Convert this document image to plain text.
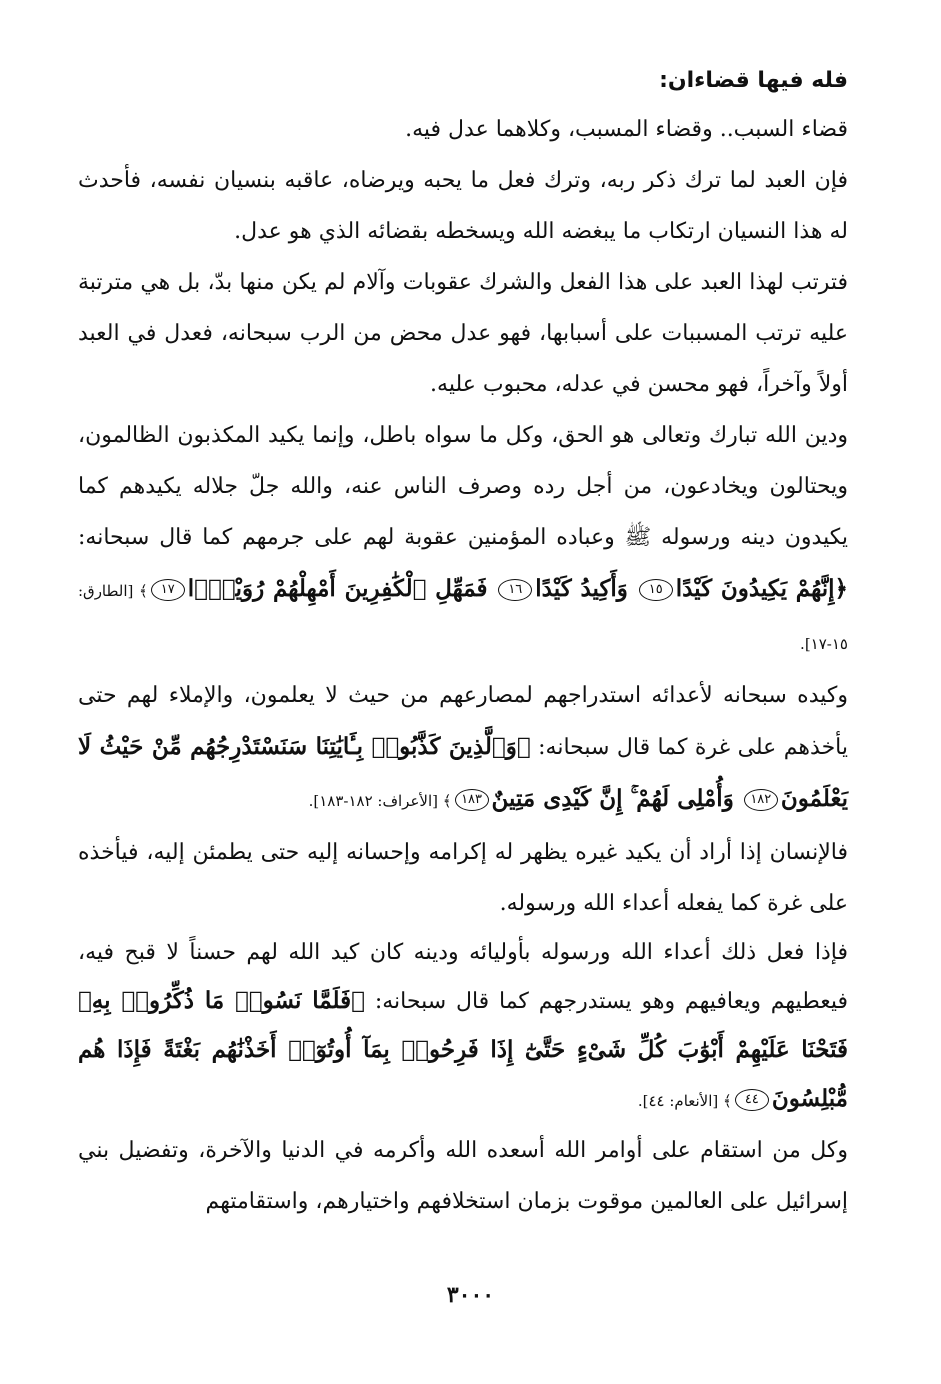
فله فيها قضاءان:

قضاء السبب.. وقضاء المسبب، وكلاهما عدل فيه.

فإن العبد لما ترك ذكر ربه، وترك فعل ما يحبه ويرضاه، عاقبه بنسيان نفسه، فأحدث له هذا النسيان ارتكاب ما يبغضه الله ويسخطه بقضائه الذي هو عدل.

فترتب لهذا العبد على هذا الفعل والشرك عقوبات وآلام لم يكن منها بدّ، بل هي مترتبة عليه ترتب المسببات على أسبابها، فهو عدل محض من الرب سبحانه، فعدل في العبد أولاً وآخراً، فهو محسن في عدله، محبوب عليه.

ودين الله تبارك وتعالى هو الحق، وكل ما سواه باطل، وإنما يكيد المكذبون الظالمون، ويحتالون ويخادعون، من أجل رده وصرف الناس عنه، والله جلّ جلاله يكيدهم كما يكيدون دينه ورسوله ﷺ وعباده المؤمنين عقوبة لهم على جرمهم كما قال سبحانه: ﴿إِنَّهُمْ يَكِيدُونَ كَيْدًا١٥ وَأَكِيدُ كَيْدًا١٦ فَمَهِّلِ ٱلْكَٰفِرِينَ أَمْهِلْهُمْ رُوَيْدًۢا١٧﴾ [الطارق: ١٥-١٧].

وكيده سبحانه لأعدائه استدراجهم لمصارعهم من حيث لا يعلمون، والإملاء لهم حتى يأخذهم على غرة كما قال سبحانه: ﴿وَٱلَّذِينَ كَذَّبُوا۟ بِـَٔايَٰتِنَا سَنَسْتَدْرِجُهُم مِّنْ حَيْثُ لَا يَعْلَمُونَ١٨٢ وَأُمْلِى لَهُمْ ۚ إِنَّ كَيْدِى مَتِينٌ١٨٣﴾ [الأعراف: ١٨٢-١٨٣].

فالإنسان إذا أراد أن يكيد غيره يظهر له إكرامه وإحسانه إليه حتى يطمئن إليه، فيأخذه على غرة كما يفعله أعداء الله ورسوله.

فإذا فعل ذلك أعداء الله ورسوله بأوليائه ودينه كان كيد الله لهم حسناً لا قبح فيه، فيعطيهم ويعافيهم وهو يستدرجهم كما قال سبحانه: ﴿فَلَمَّا نَسُوا۟ مَا ذُكِّرُوا۟ بِهِۦ فَتَحْنَا عَلَيْهِمْ أَبْوَٰبَ كُلِّ شَىْءٍ حَتَّىٰٓ إِذَا فَرِحُوا۟ بِمَآ أُوتُوٓا۟ أَخَذْنَٰهُم بَغْتَةً فَإِذَا هُم مُّبْلِسُونَ٤٤﴾ [الأنعام: ٤٤].

وكل من استقام على أوامر الله أسعده الله وأكرمه في الدنيا والآخرة، وتفضيل بني إسرائيل على العالمين موقوت بزمان استخلافهم واختيارهم، واستقامتهم

٣٠٠٠
